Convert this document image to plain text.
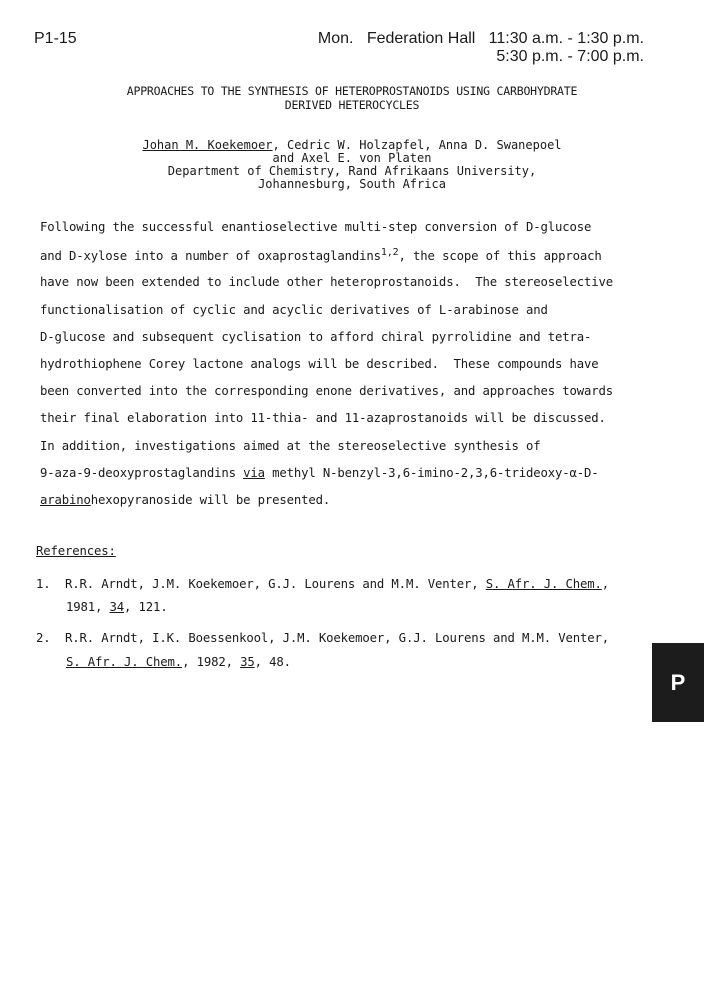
P1-15	Mon.   Federation Hall   11:30 a.m. - 1:30 p.m.
5:30 p.m. - 7:00 p.m.
APPROACHES TO THE SYNTHESIS OF HETEROPROSTANOIDS USING CARBOHYDRATE
DERIVED HETEROCYCLES
Johan M. Koekemoer, Cedric W. Holzapfel, Anna D. Swanepoel
and Axel E. von Platen
Department of Chemistry, Rand Afrikaans University,
Johannesburg, South Africa
Following the successful enantioselective multi-step conversion of D-glucose
and D-xylose into a number of oxaprostaglandins$^{1,2}$, the scope of this approach
have now been extended to include other heteroprostanoids.  The stereoselective
functionalisation of cyclic and acyclic derivatives of L-arabinose and
D-glucose and subsequent cyclisation to afford chiral pyrrolidine and tetra-
hydrothiophene Corey lactone analogs will be described.  These compounds have
been converted into the corresponding enone derivatives, and approaches towards
their final elaboration into 11-thia- and 11-azaprostanoids will be discussed.
In addition, investigations aimed at the stereoselective synthesis of
9-aza-9-deoxyprostaglandins via methyl N-benzyl-3,6-imino-2,3,6-trideoxy-α-D-
arabinohexopyranoside will be presented.
References:
1. R.R. Arndt, J.M. Koekemoer, G.J. Lourens and M.M. Venter, S. Afr. J. Chem.,
1981, 34, 121.
2. R.R. Arndt, I.K. Boessenkool, J.M. Koekemoer, G.J. Lourens and M.M. Venter,
S. Afr. J. Chem., 1982, 35, 48.
P
